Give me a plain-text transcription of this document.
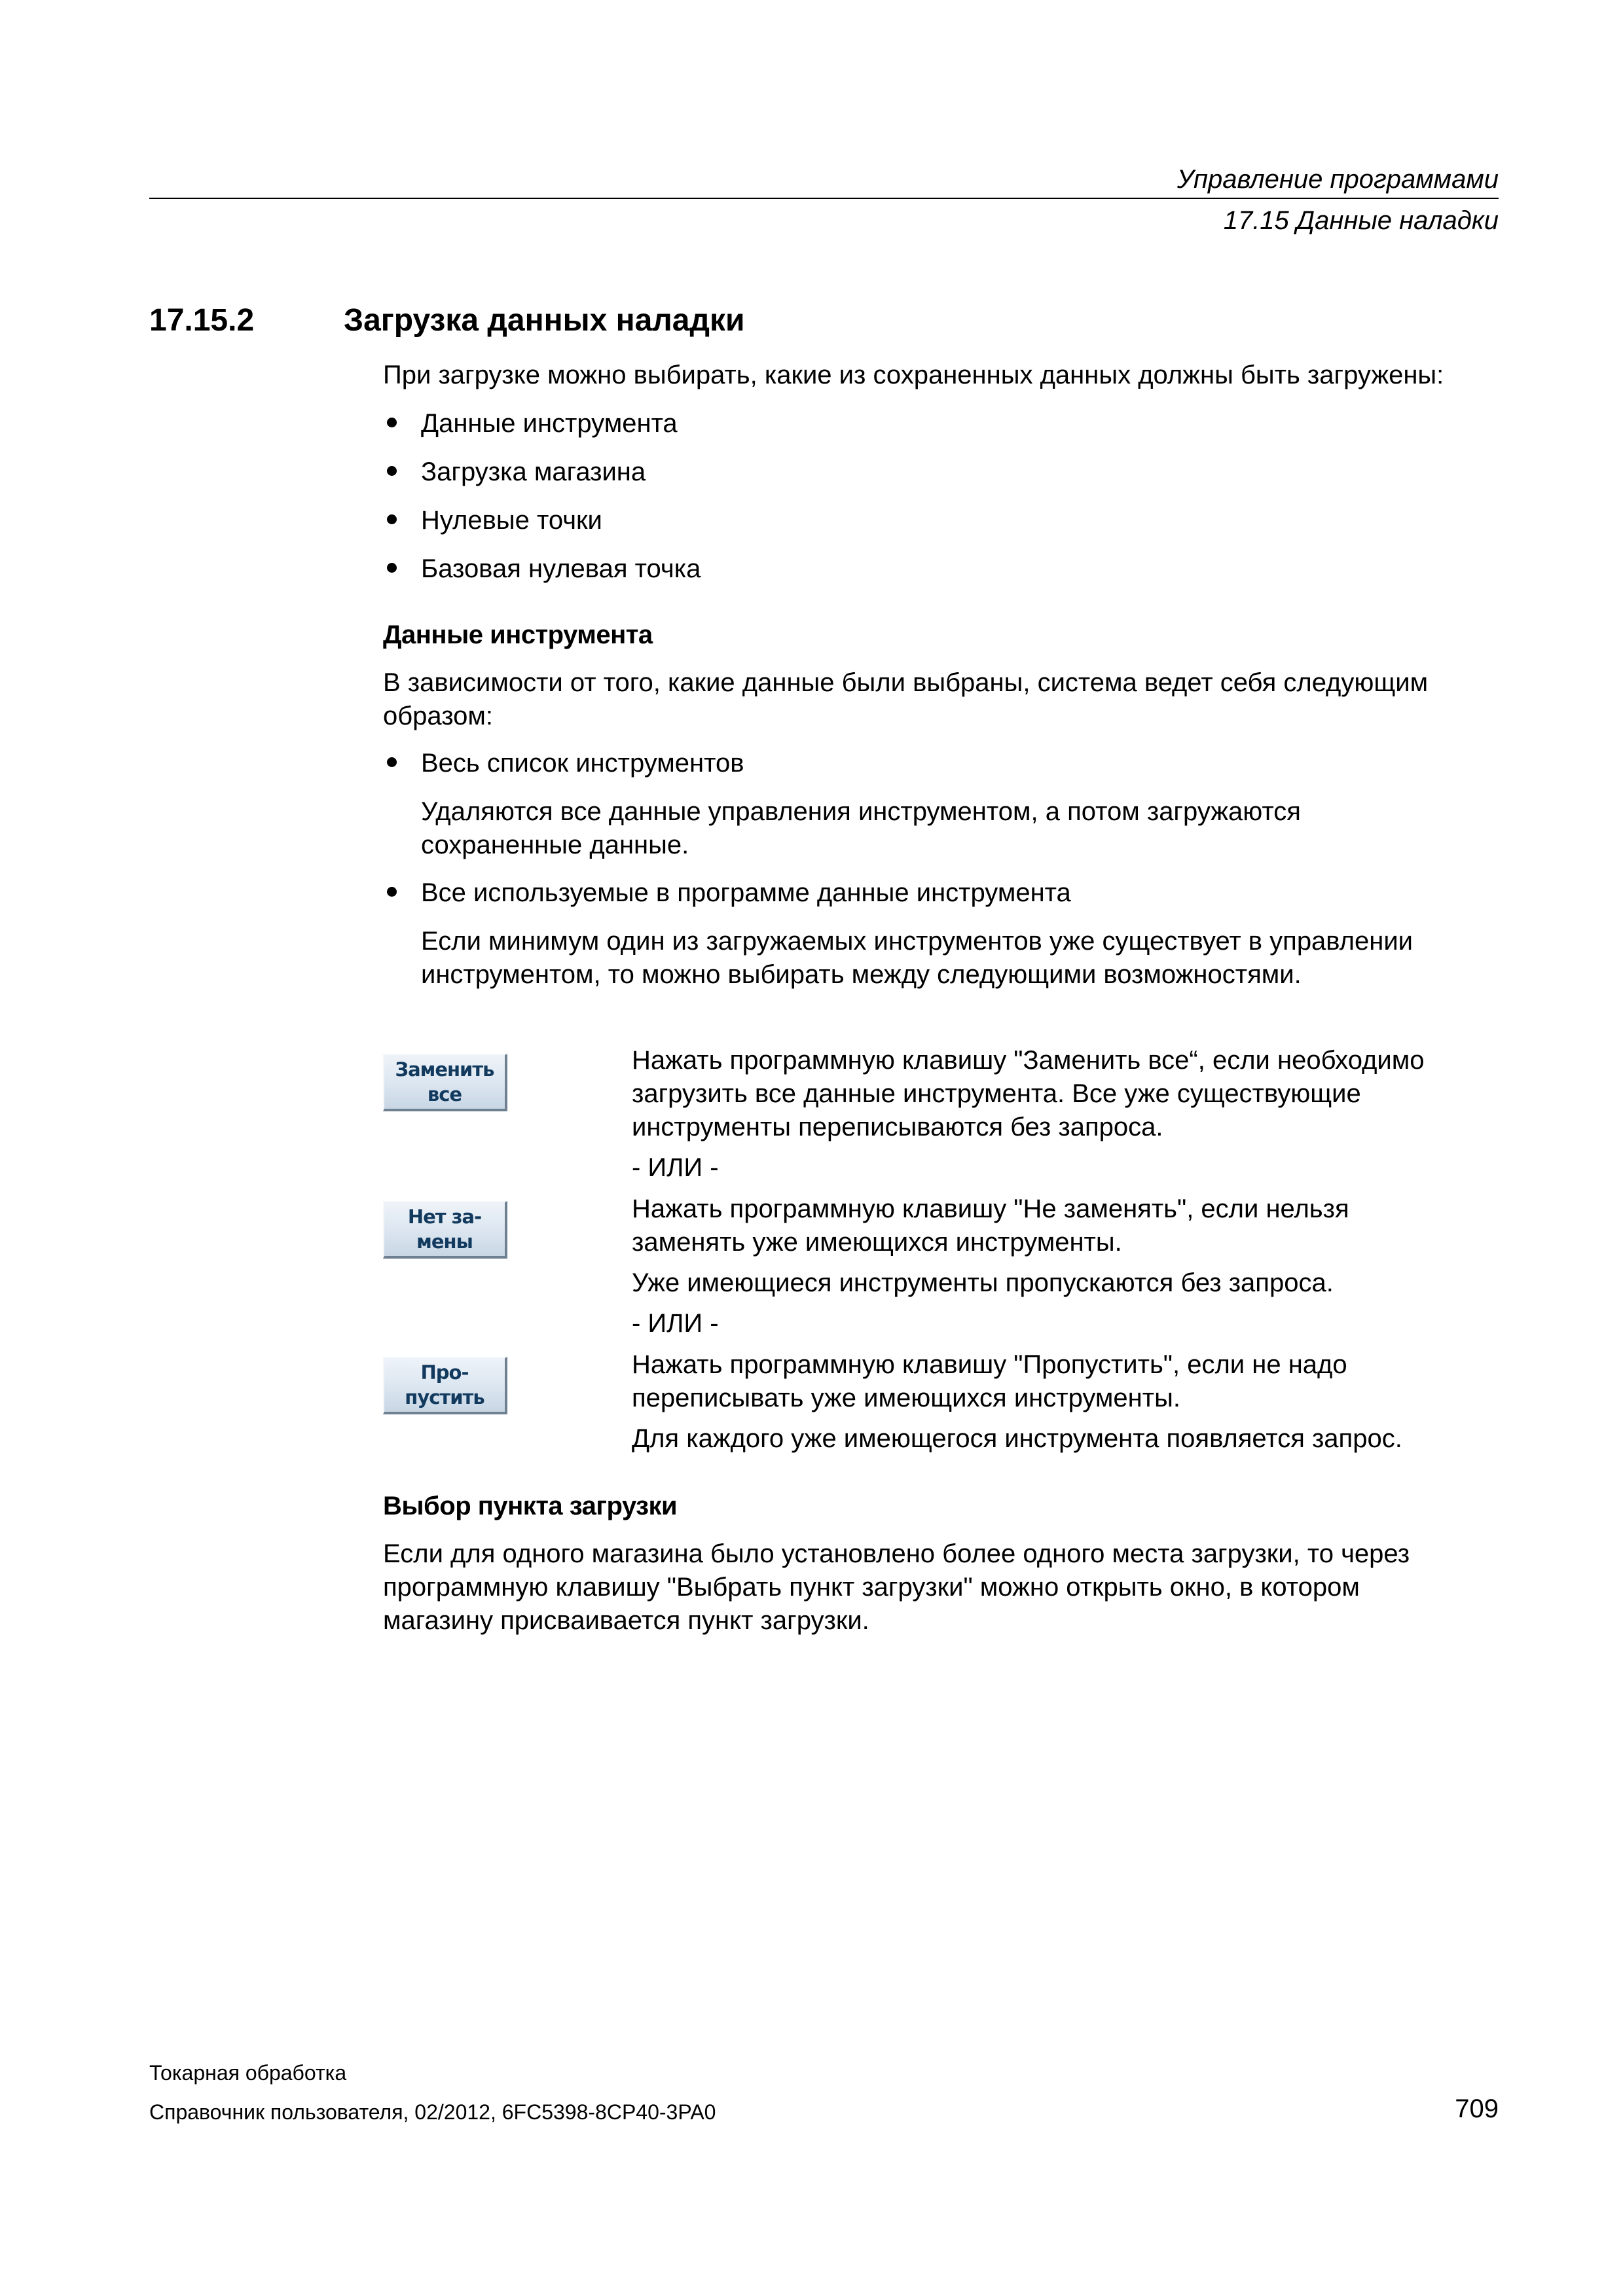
Управление программами
17.15 Данные наладки
17.15.2	Загрузка данных наладки
При загрузке можно выбирать, какие из сохраненных данных должны быть загружены:
Данные инструмента
Загрузка магазина
Нулевые точки
Базовая нулевая точка
Данные инструмента
В зависимости от того, какие данные были выбраны, система ведет себя следующим
образом:
Весь список инструментов
Удаляются все данные управления инструментом, а потом загружаются
сохраненные данные.
Все используемые в программе данные инструмента
Если минимум один из загружаемых инструментов уже существует в управлении
инструментом, то можно выбирать между следующими возможностями.
Заменить
все
Нажать программную клавишу "Заменить все“, если необходимо
загрузить все данные инструмента. Все уже существующие
инструменты переписываются без запроса.
- ИЛИ -
Нет за-
мены
Нажать программную клавишу "Не заменять", если нельзя
заменять уже имеющихся инструменты.
Уже имеющиеся инструменты пропускаются без запроса.
- ИЛИ -
Про-
пустить
Нажать программную клавишу "Пропустить", если не надо
переписывать уже имеющихся инструменты.
Для каждого уже имеющегося инструмента появляется запрос.
Выбор пункта загрузки
Если для одного магазина было установлено более одного места загрузки, то через
программную клавишу "Выбрать пункт загрузки" можно открыть окно, в котором
магазину присваивается пункт загрузки.
Токарная обработка
Справочник пользователя, 02/2012, 6FC5398-8CP40-3PA0	709
